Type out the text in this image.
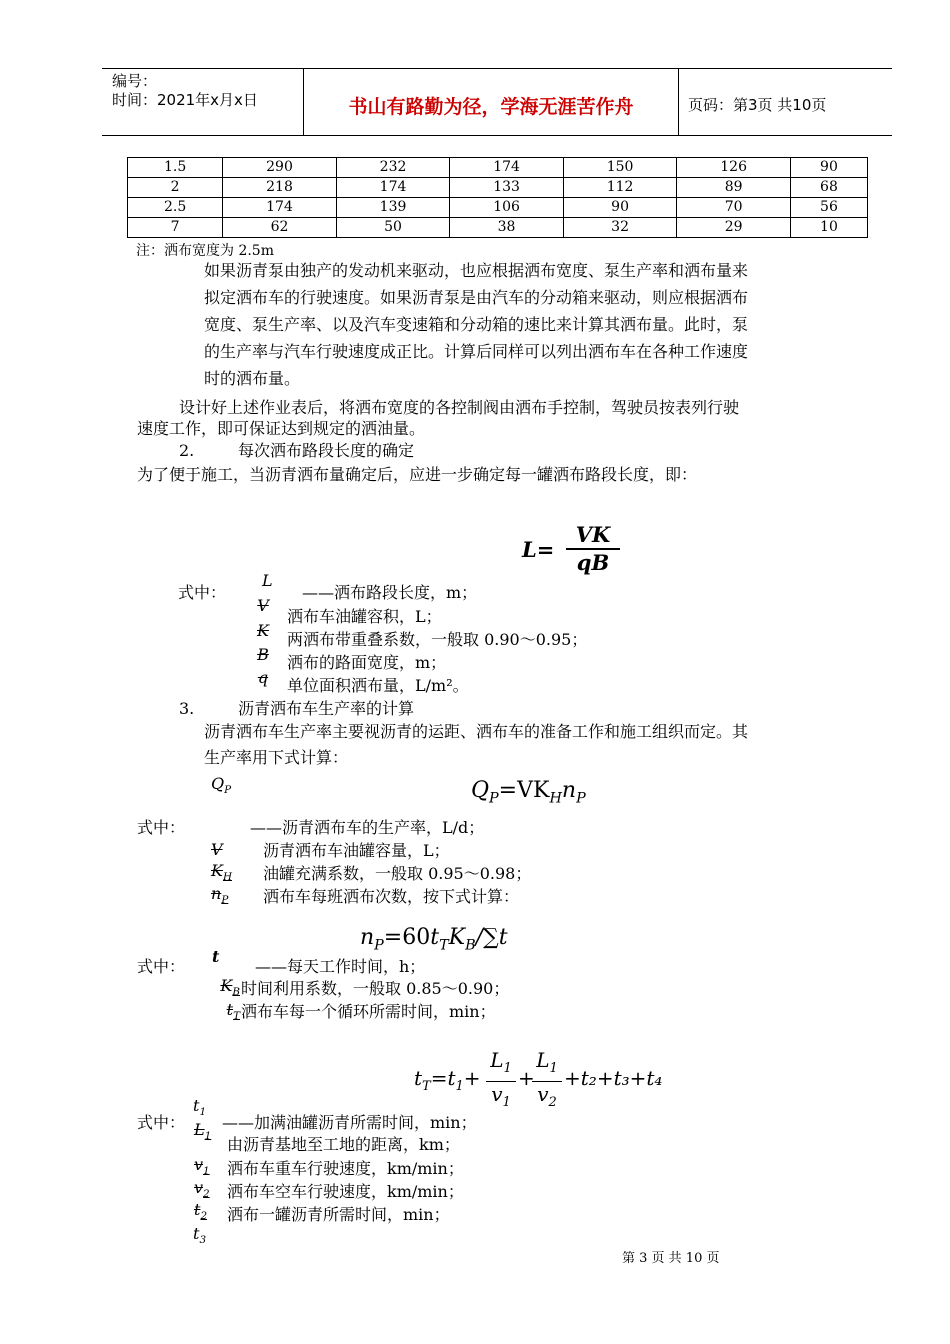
编号：
时间：2021年x月x日	书山有路勤为径，学海无涯苦作舟	页码：第3页 共10页
1.5	290	232	174	150	126	90
2	218	174	133	112	89	68
2.5	174	139	106	90	70	56
7	62	50	38	32	29	10
注：洒布宽度为 2.5m
如果沥青泵由独产的发动机来驱动，也应根据洒布宽度、泵生产率和洒布量来
拟定洒布车的行驶速度。如果沥青泵是由汽车的分动箱来驱动，则应根据洒布
宽度、泵生产率、以及汽车变速箱和分动箱的速比来计算其洒布量。此时，泵
的生产率与汽车行驶速度成正比。计算后同样可以列出洒布车在各种工作速度
时的洒布量。
设计好上述作业表后，将洒布宽度的各控制阀由洒布手控制，驾驶员按表列行驶
速度工作，即可保证达到规定的洒油量。
2.	每次洒布路段长度的确定
为了便于施工，当沥青洒布量确定后，应进一步确定每一罐洒布路段长度，即：
L=
VK
qB
式中：
L
——洒布路段长度，m；
V
洒布车油罐容积，L；
K	两洒布带重叠系数，一般取 0.90～0.95；
B	洒布的路面宽度，m；
q	单位面积洒布量，L/m²。
3.	沥青洒布车生产率的计算
沥青洒布车生产率主要视沥青的运距、洒布车的准备工作和施工组织而定。其
生产率用下式计算：
$Q_P$	$Q_P=VK_Hn_P$
式中：	——沥青洒布车的生产率，L/d；
V	沥青洒布车油罐容量，L；
$K_H$	油罐充满系数，一般取 0.95～0.98；
$n_P$	洒布车每班洒布次数，按下式计算：
$n_P=60t_TK_B/\sum t$
式中：
t
——每天工作时间，h；
$K_B$ 时间利用系数，一般取 0.85～0.90；
$t_T$ 洒布车每一个循环所需时间，min；
$t_T=t_1+$
$L_1$
$v_1$
+
$L_1$
$v_2$
+t₂+t₃+t₄
$t_1$
式中： ——加满油罐沥青所需时间，min；
$L_1$ 由沥青基地至工地的距离，km；
$v_1$	洒布车重车行驶速度，km/min；
$v_2$	洒布车空车行驶速度，km/min；
$t_2$	洒布一罐沥青所需时间，min；
$t_3$
第 3 页 共 10 页
